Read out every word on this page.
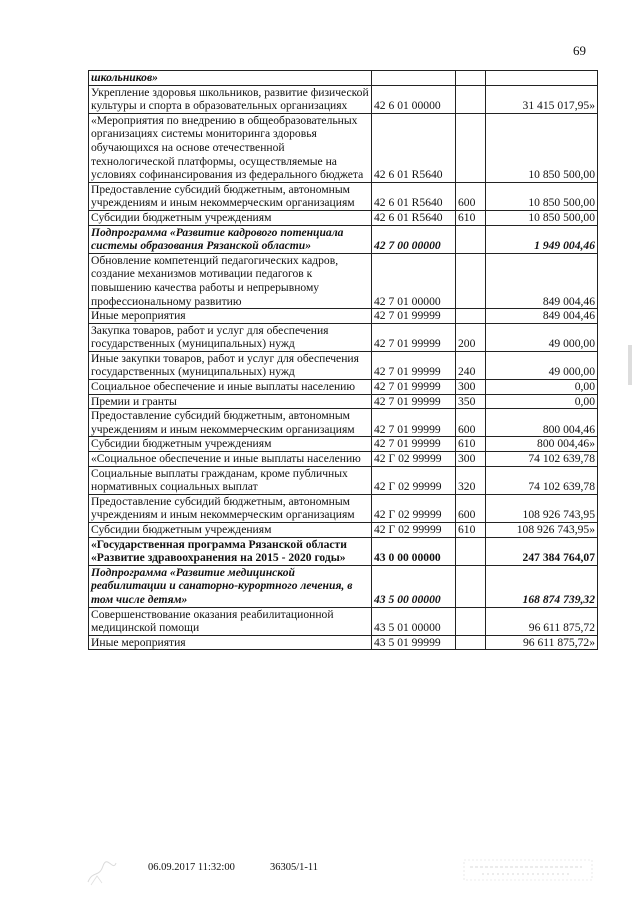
69
школьников»			
Укрепление здоровья школьников, развитие физической культуры и спорта в образовательных организациях	42 6 01 00000		31 415 017,95»
«Мероприятия по внедрению в общеобразовательных организациях системы мониторинга здоровья обучающихся на основе отечественной технологической платформы, осуществляемые на условиях софинансирования из федерального бюджета	42 6 01 R5640		10 850 500,00
Предоставление субсидий бюджетным, автономным учреждениям и иным некоммерческим организациям	42 6 01 R5640	600	10 850 500,00
Субсидии бюджетным учреждениям	42 6 01 R5640	610	10 850 500,00
Подпрограмма «Развитие кадрового потенциала системы образования Рязанской области»	42 7 00 00000		1 949 004,46
Обновление компетенций педагогических кадров, создание механизмов мотивации педагогов к повышению качества работы и непрерывному профессиональному развитию	42 7 01 00000		849 004,46
Иные мероприятия	42 7 01 99999		849 004,46
Закупка товаров, работ и услуг для обеспечения государственных (муниципальных) нужд	42 7 01 99999	200	49 000,00
Иные закупки товаров, работ и услуг для обеспечения государственных (муниципальных) нужд	42 7 01 99999	240	49 000,00
Социальное обеспечение и иные выплаты населению	42 7 01 99999	300	0,00
Премии и гранты	42 7 01 99999	350	0,00
Предоставление субсидий бюджетным, автономным учреждениям и иным некоммерческим организациям	42 7 01 99999	600	800 004,46
Субсидии бюджетным учреждениям	42 7 01 99999	610	800 004,46»
«Социальное обеспечение и иные выплаты населению	42 Г 02 99999	300	74 102 639,78
Социальные выплаты гражданам, кроме публичных нормативных социальных выплат	42 Г 02 99999	320	74 102 639,78
Предоставление субсидий бюджетным, автономным учреждениям и иным некоммерческим организациям	42 Г 02 99999	600	108 926 743,95
Субсидии бюджетным учреждениям	42 Г 02 99999	610	108 926 743,95»
«Государственная программа Рязанской области «Развитие здравоохранения на 2015 - 2020 годы»	43 0 00 00000		247 384 764,07
Подпрограмма «Развитие медицинской реабилитации и санаторно-курортного лечения, в том числе детям»	43 5 00 00000		168 874 739,32
Совершенствование оказания реабилитационной медицинской помощи	43 5 01 00000		96 611 875,72
Иные мероприятия	43 5 01 99999		96 611 875,72»
06.09.2017 11:32:00	36305/1-11
